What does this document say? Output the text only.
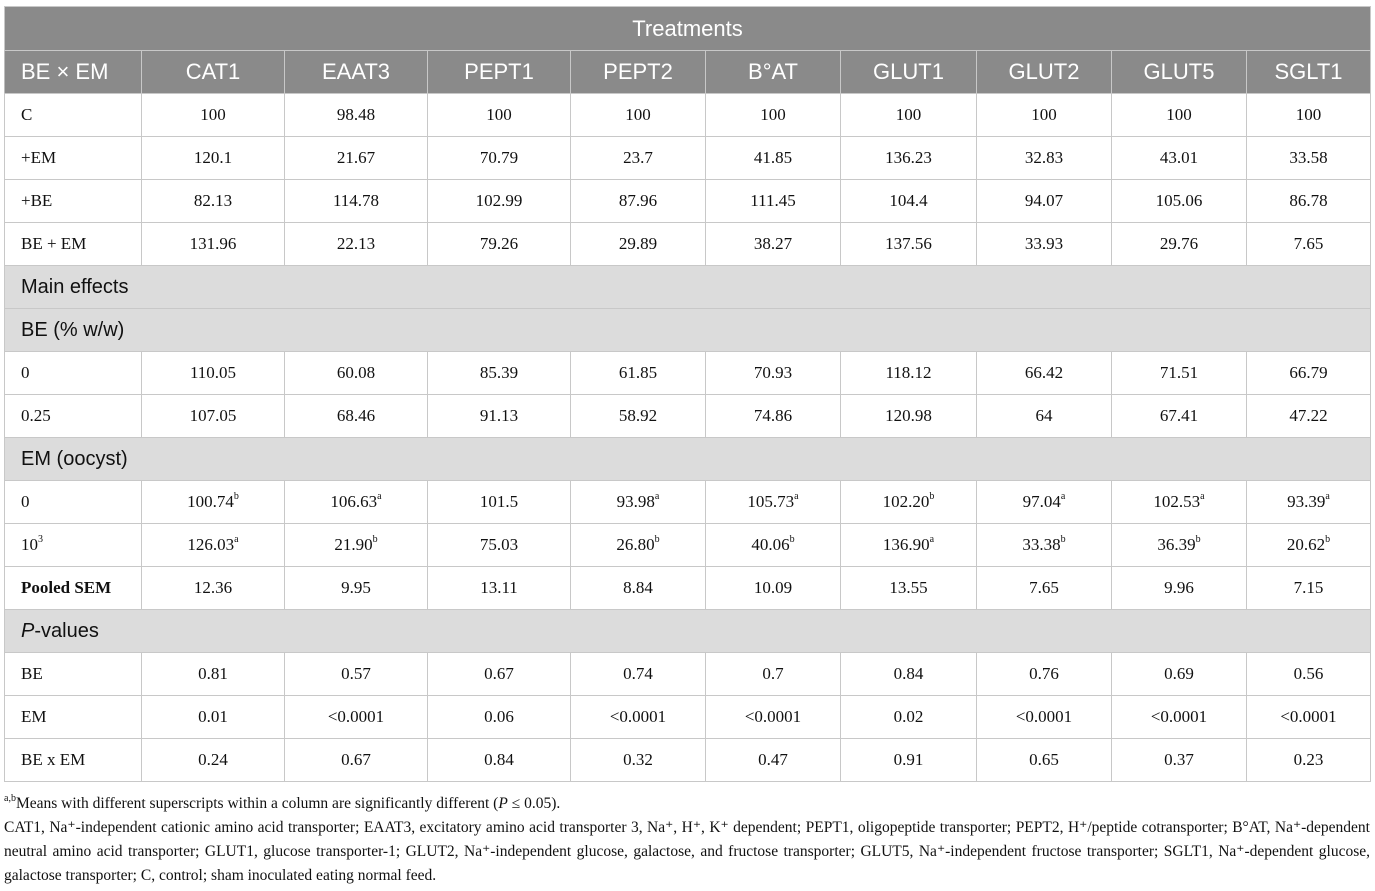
Treatments									
BE × EM	CAT1	EAAT3	PEPT1	PEPT2	B°AT	GLUT1	GLUT2	GLUT5	SGLT1
C	100	98.48	100	100	100	100	100	100	100
+EM	120.1	21.67	70.79	23.7	41.85	136.23	32.83	43.01	33.58
+BE	82.13	114.78	102.99	87.96	111.45	104.4	94.07	105.06	86.78
BE + EM	131.96	22.13	79.26	29.89	38.27	137.56	33.93	29.76	7.65
Main effects									
BE (% w/w)									
0	110.05	60.08	85.39	61.85	70.93	118.12	66.42	71.51	66.79
0.25	107.05	68.46	91.13	58.92	74.86	120.98	64	67.41	47.22
EM (oocyst)									
0	100.74$^b$	106.63$^a$	101.5	93.98$^a$	105.73$^a$	102.20$^b$	97.04$^a$	102.53$^a$	93.39$^a$
$10^3$	126.03$^a$	21.90$^b$	75.03	26.80$^b$	40.06$^b$	136.90$^a$	33.38$^b$	36.39$^b$	20.62$^b$
Pooled SEM	12.36	9.95	13.11	8.84	10.09	13.55	7.65	9.96	7.15
P-values									
BE	0.81	0.57	0.67	0.74	0.7	0.84	0.76	0.69	0.56
EM	0.01	<0.0001	0.06	<0.0001	<0.0001	0.02	<0.0001	<0.0001	<0.0001
BE x EM	0.24	0.67	0.84	0.32	0.47	0.91	0.65	0.37	0.23

$^{a,b}$Means with different superscripts within a column are significantly different (P ≤ 0.05).

CAT1, Na⁺-independent cationic amino acid transporter; EAAT3, excitatory amino acid transporter 3, Na⁺, H⁺, K⁺ dependent; PEPT1, oligopeptide transporter; PEPT2, H⁺/peptide cotransporter; B°AT, Na⁺-dependent neutral amino acid transporter; GLUT1, glucose transporter-1; GLUT2, Na⁺-independent glucose, galactose, and fructose transporter; GLUT5, Na⁺-independent fructose transporter; SGLT1, Na⁺-dependent glucose, galactose transporter; C, control; sham inoculated eating normal feed.
